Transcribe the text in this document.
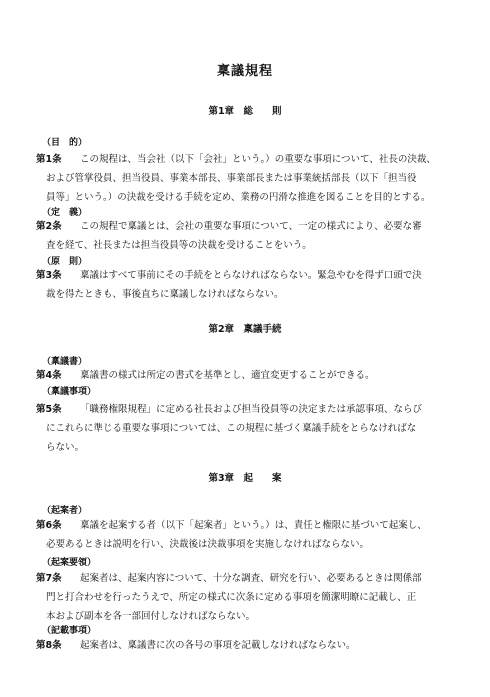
稟議規程
第1章　総　　則
（目　的）
第1条 この規程は、当会社（以下「会社」という。）の重要な事項について、社長の決裁、
および管掌役員、担当役員、事業本部長、事業部長または事業統括部長（以下「担当役
員等」という。）の決裁を受ける手続を定め、業務の円滑な推進を図ることを目的とする。
（定　義）
第2条 この規程で稟議とは、会社の重要な事項について、一定の様式により、必要な審
査を経て、社長または担当役員等の決裁を受けることをいう。
（原　則）
第3条 稟議はすべて事前にその手続をとらなければならない。緊急やむを得ず口頭で決
裁を得たときも、事後直ちに稟議しなければならない。
第2章　稟議手続
（稟議書）
第4条 稟議書の様式は所定の書式を基準とし、適宜変更することができる。
（稟議事項）
第5条 「職務権限規程」に定める社長および担当役員等の決定または承認事項、ならび
にこれらに準じる重要な事項については、この規程に基づく稟議手続をとらなければな
らない。
第3章　起　　案
（起案者）
第6条 稟議を起案する者（以下「起案者」という。）は、責任と権限に基づいて起案し、
必要あるときは説明を行い、決裁後は決裁事項を実施しなければならない。
（起案要領）
第7条 起案者は、起案内容について、十分な調査、研究を行い、必要あるときは関係部
門と打合わせを行ったうえで、所定の様式に次条に定める事項を簡潔明瞭に記載し、正
本および副本を各一部回付しなければならない。
（記載事項）
第8条 起案者は、稟議書に次の各号の事項を記載しなければならない。
